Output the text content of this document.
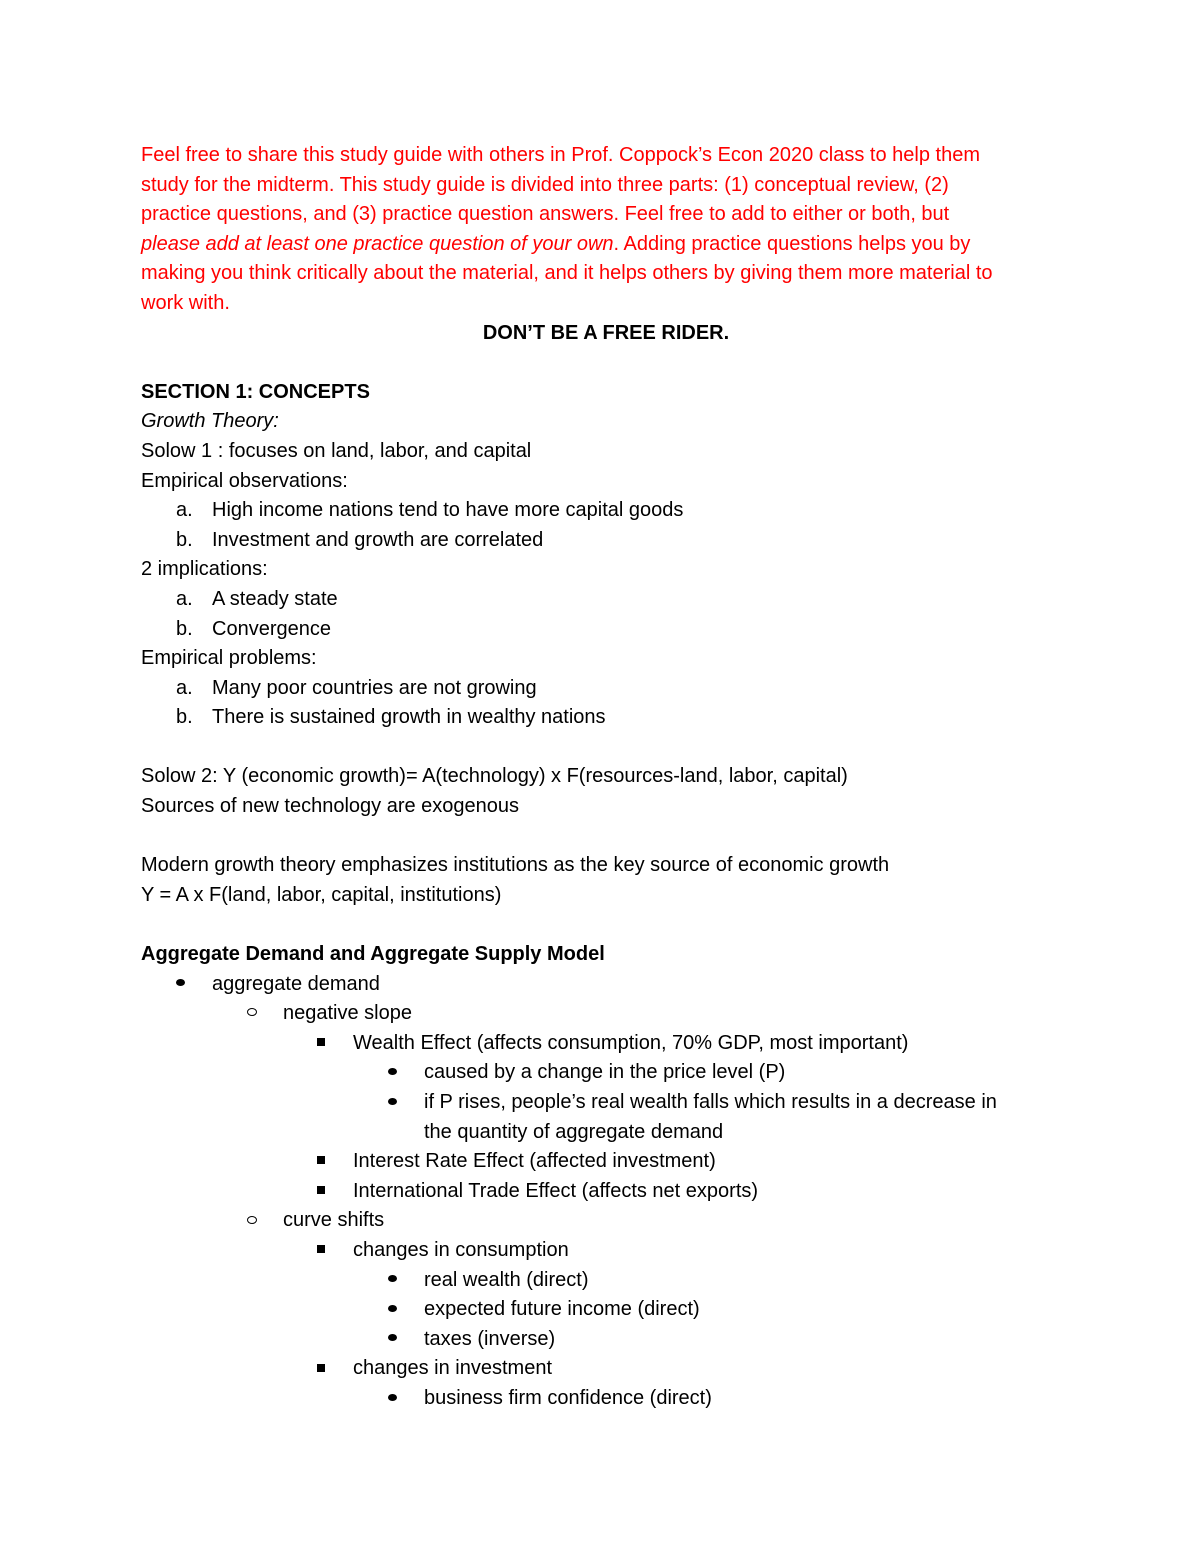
Feel free to share this study guide with others in Prof. Coppock’s Econ 2020 class to help them
study for the midterm. This study guide is divided into three parts: (1) conceptual review, (2)
practice questions, and (3) practice question answers. Feel free to add to either or both, but
please add at least one practice question of your own. Adding practice questions helps you by
making you think critically about the material, and it helps others by giving them more material to
work with.
DON’T BE A FREE RIDER.
SECTION 1: CONCEPTS
Growth Theory:
Solow 1 : focuses on land, labor, and capital
Empirical observations:
a. High income nations tend to have more capital goods
b. Investment and growth are correlated
2 implications:
a. A steady state
b. Convergence
Empirical problems:
a. Many poor countries are not growing
b. There is sustained growth in wealthy nations
Solow 2: Y (economic growth)= A(technology) x F(resources-land, labor, capital)
Sources of new technology are exogenous
Modern growth theory emphasizes institutions as the key source of economic growth
Y = A x F(land, labor, capital, institutions)
Aggregate Demand and Aggregate Supply Model
aggregate demand
negative slope
Wealth Effect (affects consumption, 70% GDP, most important)
caused by a change in the price level (P)
if P rises, people’s real wealth falls which results in a decrease in
the quantity of aggregate demand
Interest Rate Effect (affected investment)
International Trade Effect (affects net exports)
curve shifts
changes in consumption
real wealth (direct)
expected future income (direct)
taxes (inverse)
changes in investment
business firm confidence (direct)
